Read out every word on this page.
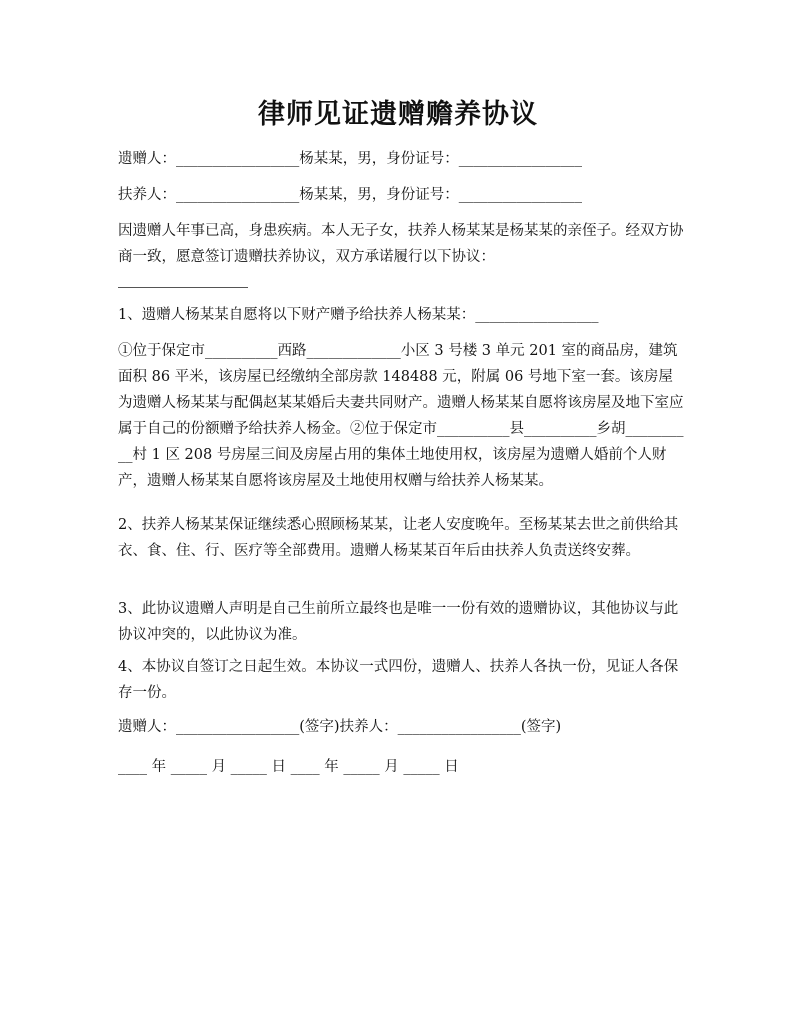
律师见证遗赠赡养协议

遗赠人：_________________杨某某，男，身份证号：_________________

扶养人：_________________杨某某，男，身份证号：_________________

因遗赠人年事已高，身患疾病。本人无子女，扶养人杨某某是杨某某的亲侄子。经双方协商一致，愿意签订遗赠扶养协议，双方承诺履行以下协议：

1、遗赠人杨某某自愿将以下财产赠予给扶养人杨某某：_________________

①位于保定市__________西路_____________小区 3 号楼 3 单元 201 室的商品房，建筑面积 86 平米，该房屋已经缴纳全部房款 148488 元，附属 06 号地下室一套。该房屋为遗赠人杨某某与配偶赵某某婚后夫妻共同财产。遗赠人杨某某自愿将该房屋及地下室应属于自己的份额赠予给扶养人杨金。②位于保定市__________县__________乡胡__________村 1 区 208 号房屋三间及房屋占用的集体土地使用权，该房屋为遗赠人婚前个人财产，遗赠人杨某某自愿将该房屋及土地使用权赠与给扶养人杨某某。

2、扶养人杨某某保证继续悉心照顾杨某某，让老人安度晚年。至杨某某去世之前供给其衣、食、住、行、医疗等全部费用。遗赠人杨某某百年后由扶养人负责送终安葬。

3、此协议遗赠人声明是自己生前所立最终也是唯一一份有效的遗赠协议，其他协议与此协议冲突的，以此协议为准。

4、本协议自签订之日起生效。本协议一式四份，遗赠人、扶养人各执一份，见证人各保存一份。

遗赠人：_________________(签字)扶养人：_________________(签字)

____ 年 _____ 月 _____ 日 ____ 年 _____ 月 _____ 日
